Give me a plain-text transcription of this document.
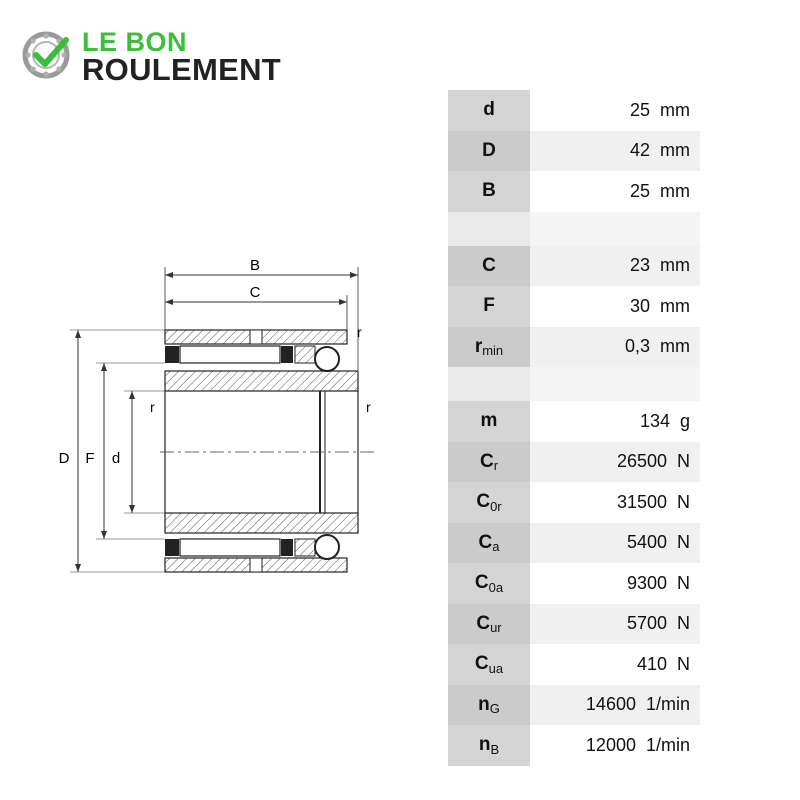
LE BON
ROULEMENT
B
C
D F d
r
r	r
d	25 mm
D	42 mm
B	25 mm
C	23 mm
F	30 mm
$r_{min}$	0,3 mm
m	134 g
$C_r$	26500 N
$C_{0r}$	31500 N
$C_a$	5400 N
$C_{0a}$	9300 N
$C_{ur}$	5700 N
$C_{ua}$	410 N
$n_G$	14600 1/min
$n_B$	12000 1/min
